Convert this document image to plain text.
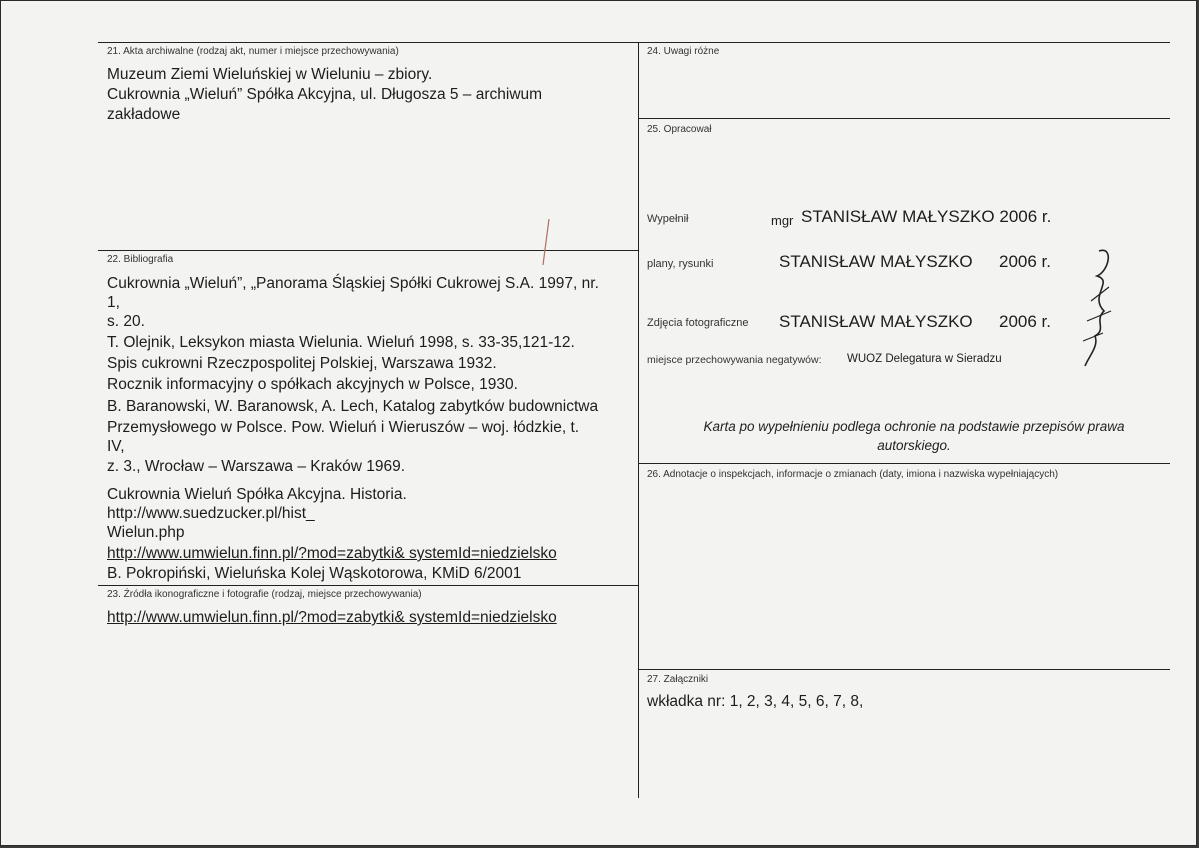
21. Akta archiwalne (rodzaj akt, numer i miejsce przechowywania)
Muzeum Ziemi Wieluńskiej w Wieluniu – zbiory.
Cukrownia „Wieluń” Spółka Akcyjna, ul. Długosza 5 – archiwum
zakładowe
22. Bibliografia
Cukrownia „Wieluń”, „Panorama Śląskiej Spółki Cukrowej S.A. 1997, nr.
1,
s. 20.
T. Olejnik, Leksykon miasta Wielunia. Wieluń 1998, s. 33-35,121-12.
Spis cukrowni Rzeczpospolitej Polskiej, Warszawa 1932.
Rocznik informacyjny o spółkach akcyjnych w Polsce, 1930.
B. Baranowski, W. Baranowsk, A. Lech, Katalog zabytków budownictwa
Przemysłowego w Polsce. Pow. Wieluń i Wieruszów – woj. łódzkie, t.
IV,
z. 3., Wrocław – Warszawa – Kraków 1969.
Cukrownia Wieluń Spółka Akcyjna. Historia.
http://www.suedzucker.pl/hist_
Wielun.php
http://www.umwielun.finn.pl/?mod=zabytki& systemId=niedzielsko
B. Pokropiński, Wieluńska Kolej Wąskotorowa, KMiD 6/2001
23. Źródła ikonograficzne i fotografie (rodzaj, miejsce przechowywania)
http://www.umwielun.finn.pl/?mod=zabytki& systemId=niedzielsko
24. Uwagi różne
25. Opracował
Wypełnił	mgr STANISŁAW MAŁYSZKO 2006 r.
plany, rysunki	STANISŁAW MAŁYSZKO 2006 r.
Zdjęcia fotograficzne STANISŁAW MAŁYSZKO 2006 r.
miejsce przechowywania negatywów: WUOZ Delegatura w Sieradzu
Karta po wypełnieniu podlega ochronie na podstawie przepisów prawa autorskiego.
26. Adnotacje o inspekcjach, informacje o zmianach (daty, imiona i nazwiska wypełniających)
27. Załączniki
wkładka nr: 1, 2, 3, 4, 5, 6, 7, 8,
